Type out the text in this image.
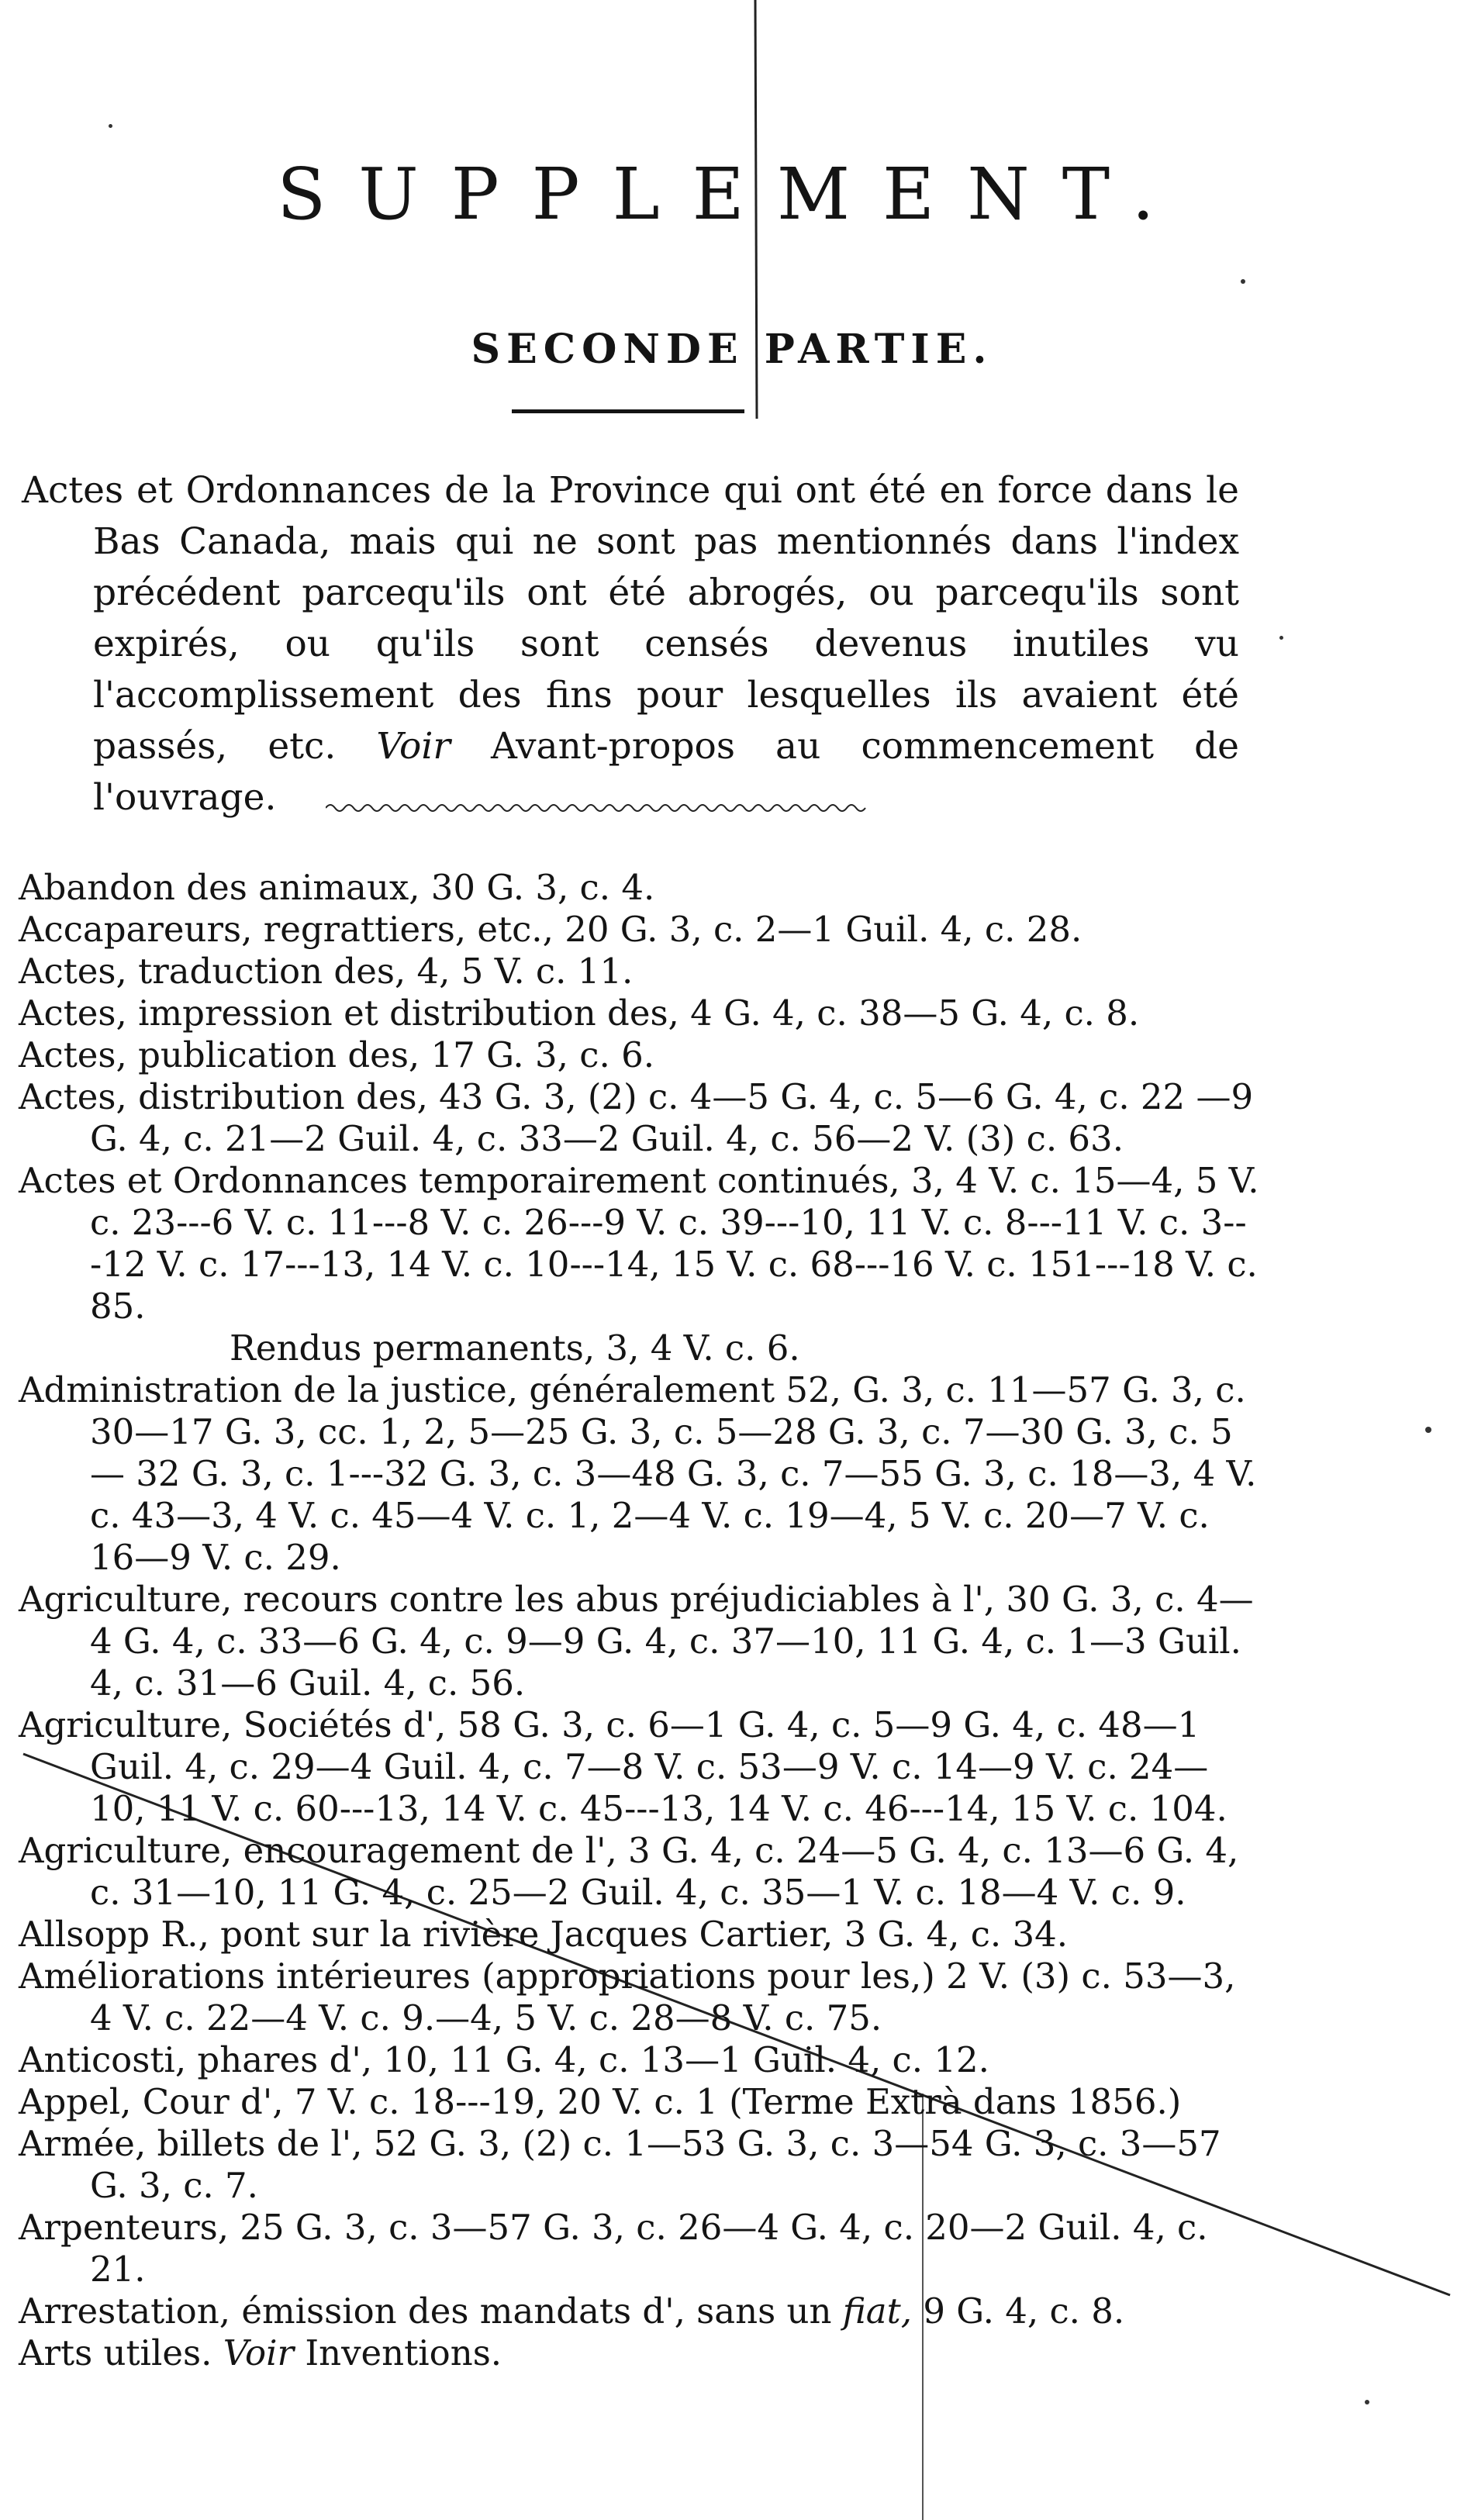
SUPPLEMENT.
SECONDE PARTIE.

Actes et Ordonnances de la Province qui ont été en force dans le Bas Canada, mais qui ne sont pas mentionnés dans l'index précédent parcequ'ils ont été abrogés, ou parcequ'ils sont expirés, ou qu'ils sont censés devenus inutiles vu l'accomplissement des fins pour lesquelles ils avaient été passés, etc. Voir Avant-propos au commencement de l'ouvrage.

Abandon des animaux, 30 G. 3, c. 4.

Accapareurs, regrattiers, etc., 20 G. 3, c. 2—1 Guil. 4, c. 28.

Actes, traduction des, 4, 5 V. c. 11.

Actes, impression et distribution des, 4 G. 4, c. 38—5 G. 4, c. 8.

Actes, publication des, 17 G. 3, c. 6.

Actes, distribution des, 43 G. 3, (2) c. 4—5 G. 4, c. 5—6 G. 4, c. 22 —9 G. 4, c. 21—2 Guil. 4, c. 33—2 Guil. 4, c. 56—2 V. (3) c. 63.

Actes et Ordonnances temporairement continués, 3, 4 V. c. 15—4, 5 V. c. 23---6 V. c. 11---8 V. c. 26---9 V. c. 39---10, 11 V. c. 8---11 V. c. 3---12 V. c. 17---13, 14 V. c. 10---14, 15 V. c. 68---16 V. c. 151---18 V. c. 85.
Rendus permanents, 3, 4 V. c. 6.

Administration de la justice, généralement 52, G. 3, c. 11—57 G. 3, c. 30—17 G. 3, cc. 1, 2, 5—25 G. 3, c. 5—28 G. 3, c. 7—30 G. 3, c. 5— 32 G. 3, c. 1---32 G. 3, c. 3—48 G. 3, c. 7—55 G. 3, c. 18—3, 4 V. c. 43—3, 4 V. c. 45—4 V. c. 1, 2—4 V. c. 19—4, 5 V. c. 20—7 V. c. 16—9 V. c. 29.

Agriculture, recours contre les abus préjudiciables à l', 30 G. 3, c. 4—4 G. 4, c. 33—6 G. 4, c. 9—9 G. 4, c. 37—10, 11 G. 4, c. 1—3 Guil. 4, c. 31—6 Guil. 4, c. 56.

Agriculture, Sociétés d', 58 G. 3, c. 6—1 G. 4, c. 5—9 G. 4, c. 48—1 Guil. 4, c. 29—4 Guil. 4, c. 7—8 V. c. 53—9 V. c. 14—9 V. c. 24—10, 11 V. c. 60---13, 14 V. c. 45---13, 14 V. c. 46---14, 15 V. c. 104.

Agriculture, encouragement de l', 3 G. 4, c. 24—5 G. 4, c. 13—6 G. 4, c. 31—10, 11 G. 4, c. 25—2 Guil. 4, c. 35—1 V. c. 18—4 V. c. 9.

Allsopp R., pont sur la rivière Jacques Cartier, 3 G. 4, c. 34.

Améliorations intérieures (appropriations pour les,) 2 V. (3) c. 53—3, 4 V. c. 22—4 V. c. 9.—4, 5 V. c. 28—8 V. c. 75.

Anticosti, phares d', 10, 11 G. 4, c. 13—1 Guil. 4, c. 12.

Appel, Cour d', 7 V. c. 18---19, 20 V. c. 1 (Terme Extrà dans 1856.)

Armée, billets de l', 52 G. 3, (2) c. 1—53 G. 3, c. 3—54 G. 3, c. 3—57 G. 3, c. 7.

Arpenteurs, 25 G. 3, c. 3—57 G. 3, c. 26—4 G. 4, c. 20—2 Guil. 4, c. 21.

Arrestation, émission des mandats d', sans un fiat, 9 G. 4, c. 8.

Arts utiles. Voir Inventions.
